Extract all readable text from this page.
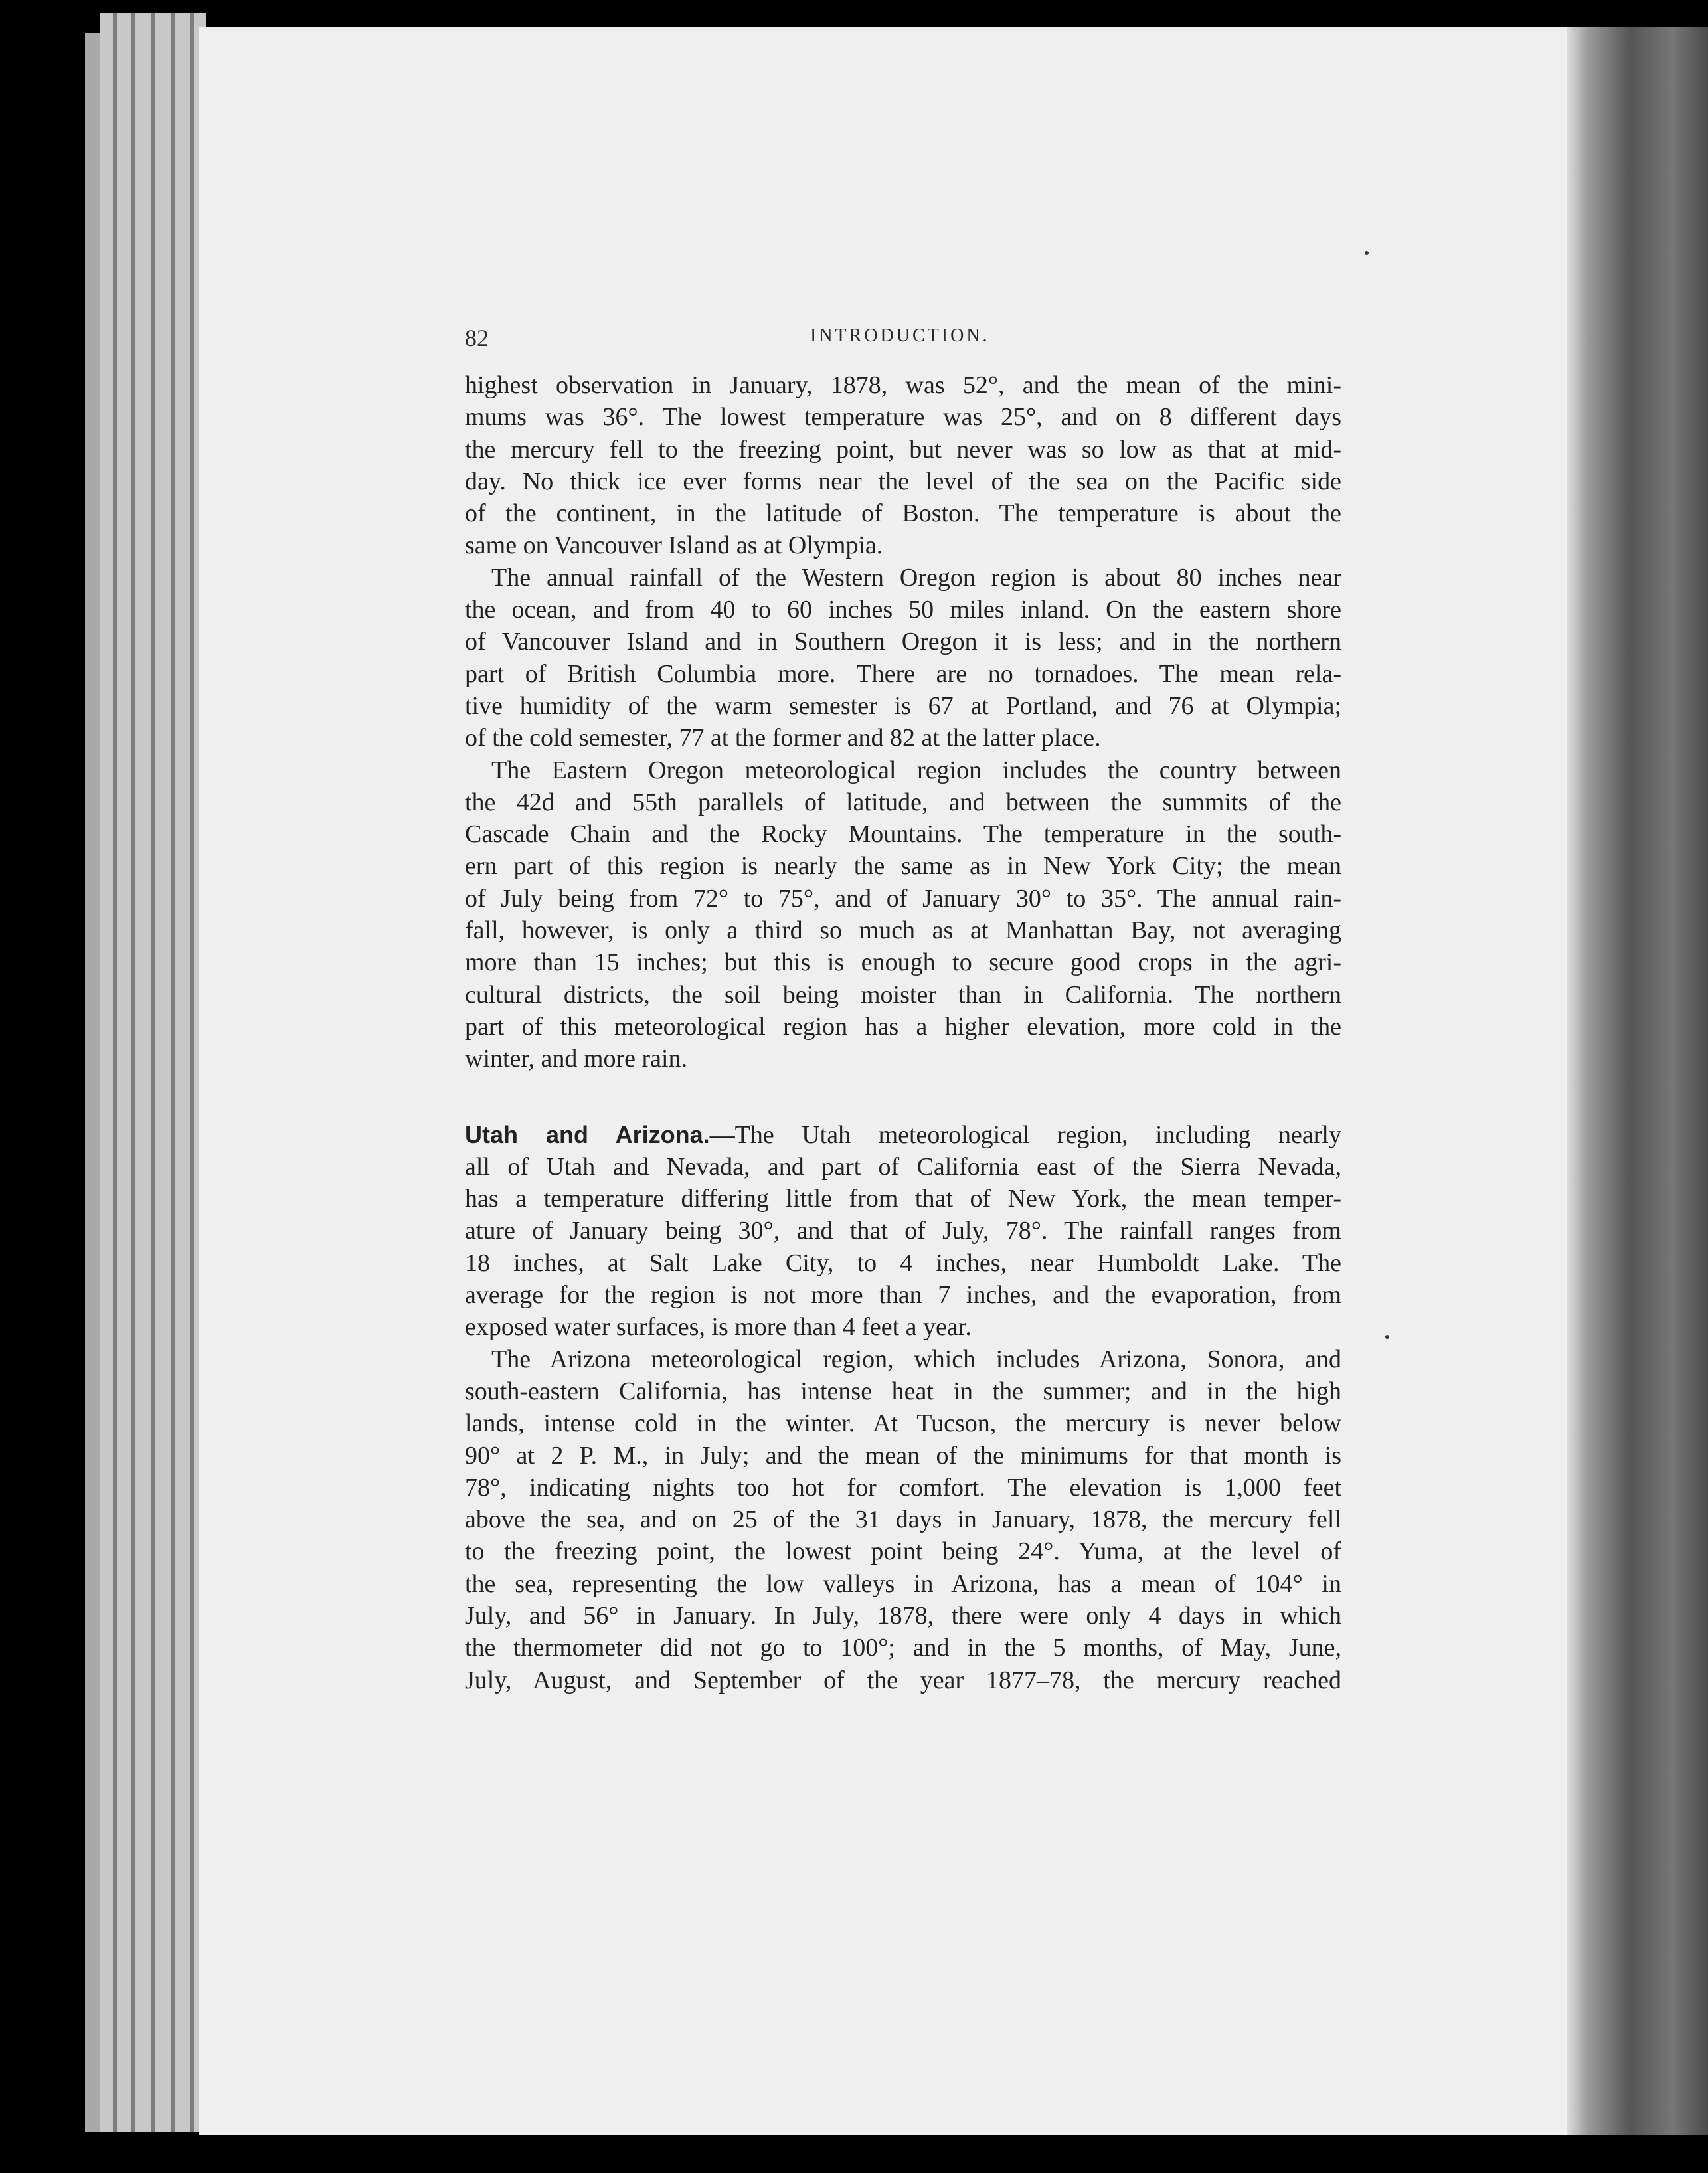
82	INTRODUCTION.
highest observation in January, 1878, was 52°, and the mean of the mini-
mums was 36°. The lowest temperature was 25°, and on 8 different days
the mercury fell to the freezing point, but never was so low as that at mid-
day. No thick ice ever forms near the level of the sea on the Pacific side
of the continent, in the latitude of Boston. The temperature is about the
same on Vancouver Island as at Olympia.
The annual rainfall of the Western Oregon region is about 80 inches near
the ocean, and from 40 to 60 inches 50 miles inland. On the eastern shore
of Vancouver Island and in Southern Oregon it is less; and in the northern
part of British Columbia more. There are no tornadoes. The mean rela-
tive humidity of the warm semester is 67 at Portland, and 76 at Olympia;
of the cold semester, 77 at the former and 82 at the latter place.
The Eastern Oregon meteorological region includes the country between
the 42d and 55th parallels of latitude, and between the summits of the
Cascade Chain and the Rocky Mountains. The temperature in the south-
ern part of this region is nearly the same as in New York City; the mean
of July being from 72° to 75°, and of January 30° to 35°. The annual rain-
fall, however, is only a third so much as at Manhattan Bay, not averaging
more than 15 inches; but this is enough to secure good crops in the agri-
cultural districts, the soil being moister than in California. The northern
part of this meteorological region has a higher elevation, more cold in the
winter, and more rain.
Utah and Arizona.—The Utah meteorological region, including nearly
all of Utah and Nevada, and part of California east of the Sierra Nevada,
has a temperature differing little from that of New York, the mean temper-
ature of January being 30°, and that of July, 78°. The rainfall ranges from
18 inches, at Salt Lake City, to 4 inches, near Humboldt Lake. The
average for the region is not more than 7 inches, and the evaporation, from
exposed water surfaces, is more than 4 feet a year.
The Arizona meteorological region, which includes Arizona, Sonora, and
south-eastern California, has intense heat in the summer; and in the high
lands, intense cold in the winter. At Tucson, the mercury is never below
90° at 2 P. M., in July; and the mean of the minimums for that month is
78°, indicating nights too hot for comfort. The elevation is 1,000 feet
above the sea, and on 25 of the 31 days in January, 1878, the mercury fell
to the freezing point, the lowest point being 24°. Yuma, at the level of
the sea, representing the low valleys in Arizona, has a mean of 104° in
July, and 56° in January. In July, 1878, there were only 4 days in which
the thermometer did not go to 100°; and in the 5 months, of May, June,
July, August, and September of the year 1877–78, the mercury reached
